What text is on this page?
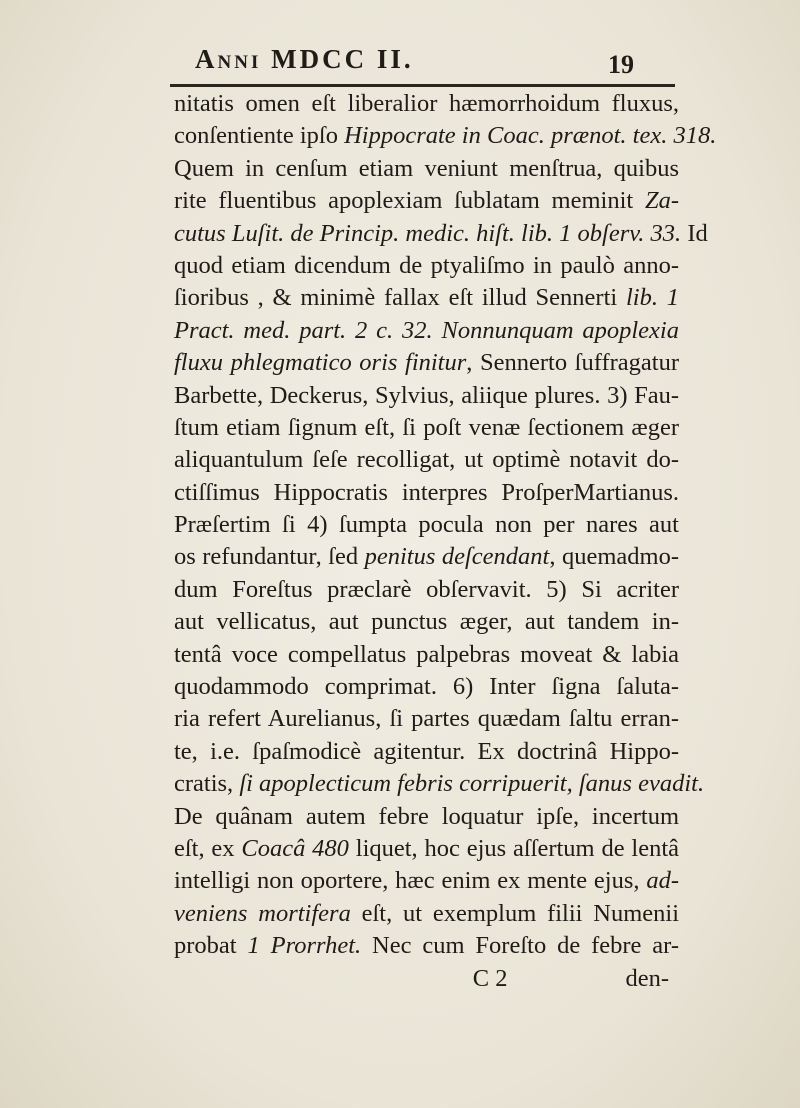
Anni MDCC II.	19
nitatis omen eſt liberalior hæmorrhoidum fluxus,
conſentiente ipſo Hippocrate in Coac. prænot. tex. 318.
Quem in cenſum etiam veniunt menſtrua, quibus
rite fluentibus apoplexiam ſublatam meminit Za-
cutus Luſit. de Princip. medic. hiſt. lib. 1 obſerv. 33. Id
quod etiam dicendum de ptyaliſmo in paulò anno-
ſioribus , & minimè fallax eſt illud Sennerti lib. 1
Pract. med. part. 2 c. 32. Nonnunquam apoplexia
fluxu phlegmatico oris finitur, Sennerto ſuffragatur
Barbette, Deckerus, Sylvius, aliique plures. 3) Fau-
ſtum etiam ſignum eſt, ſi poſt venæ ſectionem æger
aliquantulum ſeſe recolligat, ut optimè notavit do-
ctiſſimus Hippocratis interpres ProſperMartianus.
Præſertim ſi 4) ſumpta pocula non per nares aut
os refundantur, ſed penitus deſcendant, quemadmo-
dum Foreſtus præclarè obſervavit. 5) Si acriter
aut vellicatus, aut punctus æger, aut tandem in-
tentâ voce compellatus palpebras moveat & labia
quodammodo comprimat. 6) Inter ſigna ſaluta-
ria refert Aurelianus, ſi partes quædam ſaltu erran-
te, i.e. ſpaſmodicè agitentur. Ex doctrinâ Hippo-
cratis, ſi apoplecticum febris corripuerit, ſanus evadit.
De quânam autem febre loquatur ipſe, incertum
eſt, ex Coacâ 480 liquet, hoc ejus aſſertum de lentâ
intelligi non oportere, hæc enim ex mente ejus, ad-
veniens mortifera eſt, ut exemplum filii Numenii
probat 1 Prorrhet. Nec cum Foreſto de febre ar-
C 2	den-
